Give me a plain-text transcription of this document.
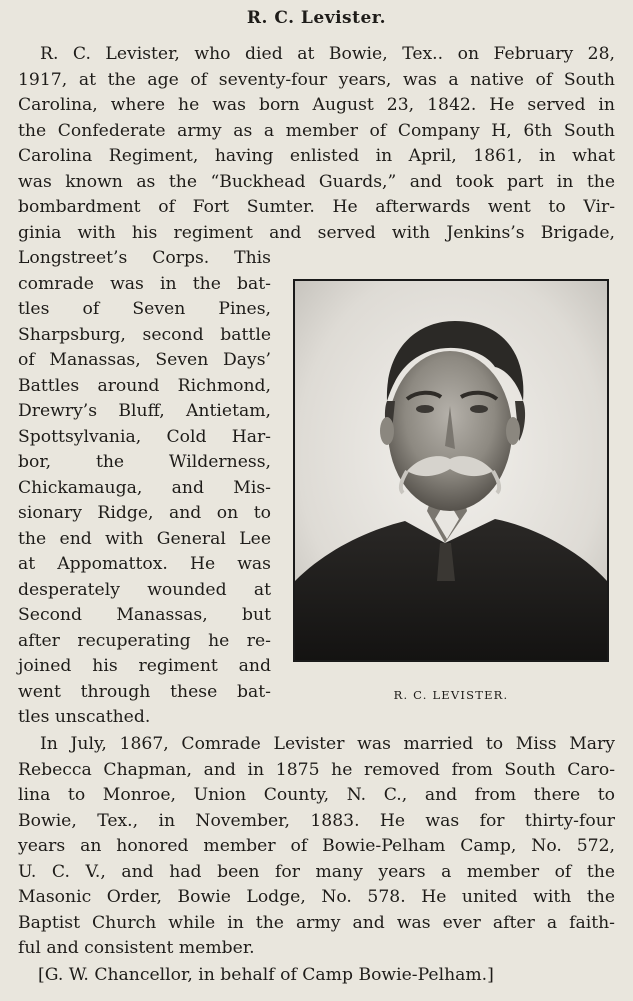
R. C. Levister.

R. C. Levister, who died at Bowie, Tex.. on February 28,

1917, at the age of seventy-four years, was a native of South

Carolina, where he was born August 23, 1842. He served in

the Confederate army as a member of Company H, 6th South

Carolina Regiment, having enlisted in April, 1861, in what

was known as the “Buckhead Guards,” and took part in the

bombardment of Fort Sumter. He afterwards went to Vir-

ginia with his regiment and served with Jenkins’s Brigade,

Longstreet’s Corps. This

comrade was in the bat-

tles of Seven Pines,

Sharpsburg, second battle

of Manassas, Seven Days’

Battles around Richmond,

Drewry’s Bluff, Antietam,

Spottsylvania, Cold Har-

bor, the Wilderness,

Chickamauga, and Mis-

sionary Ridge, and on to

the end with General Lee

at Appomattox. He was

desperately wounded at

Second Manassas, but

after recuperating he re-

joined his regiment and

went through these bat-

tles unscathed.

In July, 1867, Comrade Levister was married to Miss Mary

Rebecca Chapman, and in 1875 he removed from South Caro-

lina to Monroe, Union County, N. C., and from there to

Bowie, Tex., in November, 1883. He was for thirty-four

years an honored member of Bowie-Pelham Camp, No. 572,

U. C. V., and had been for many years a member of the

Masonic Order, Bowie Lodge, No. 578. He united with the

Baptist Church while in the army and was ever after a faith-

ful and consistent member.

[G. W. Chancellor, in behalf of Camp Bowie-Pelham.]

R. C. LEVISTER.
